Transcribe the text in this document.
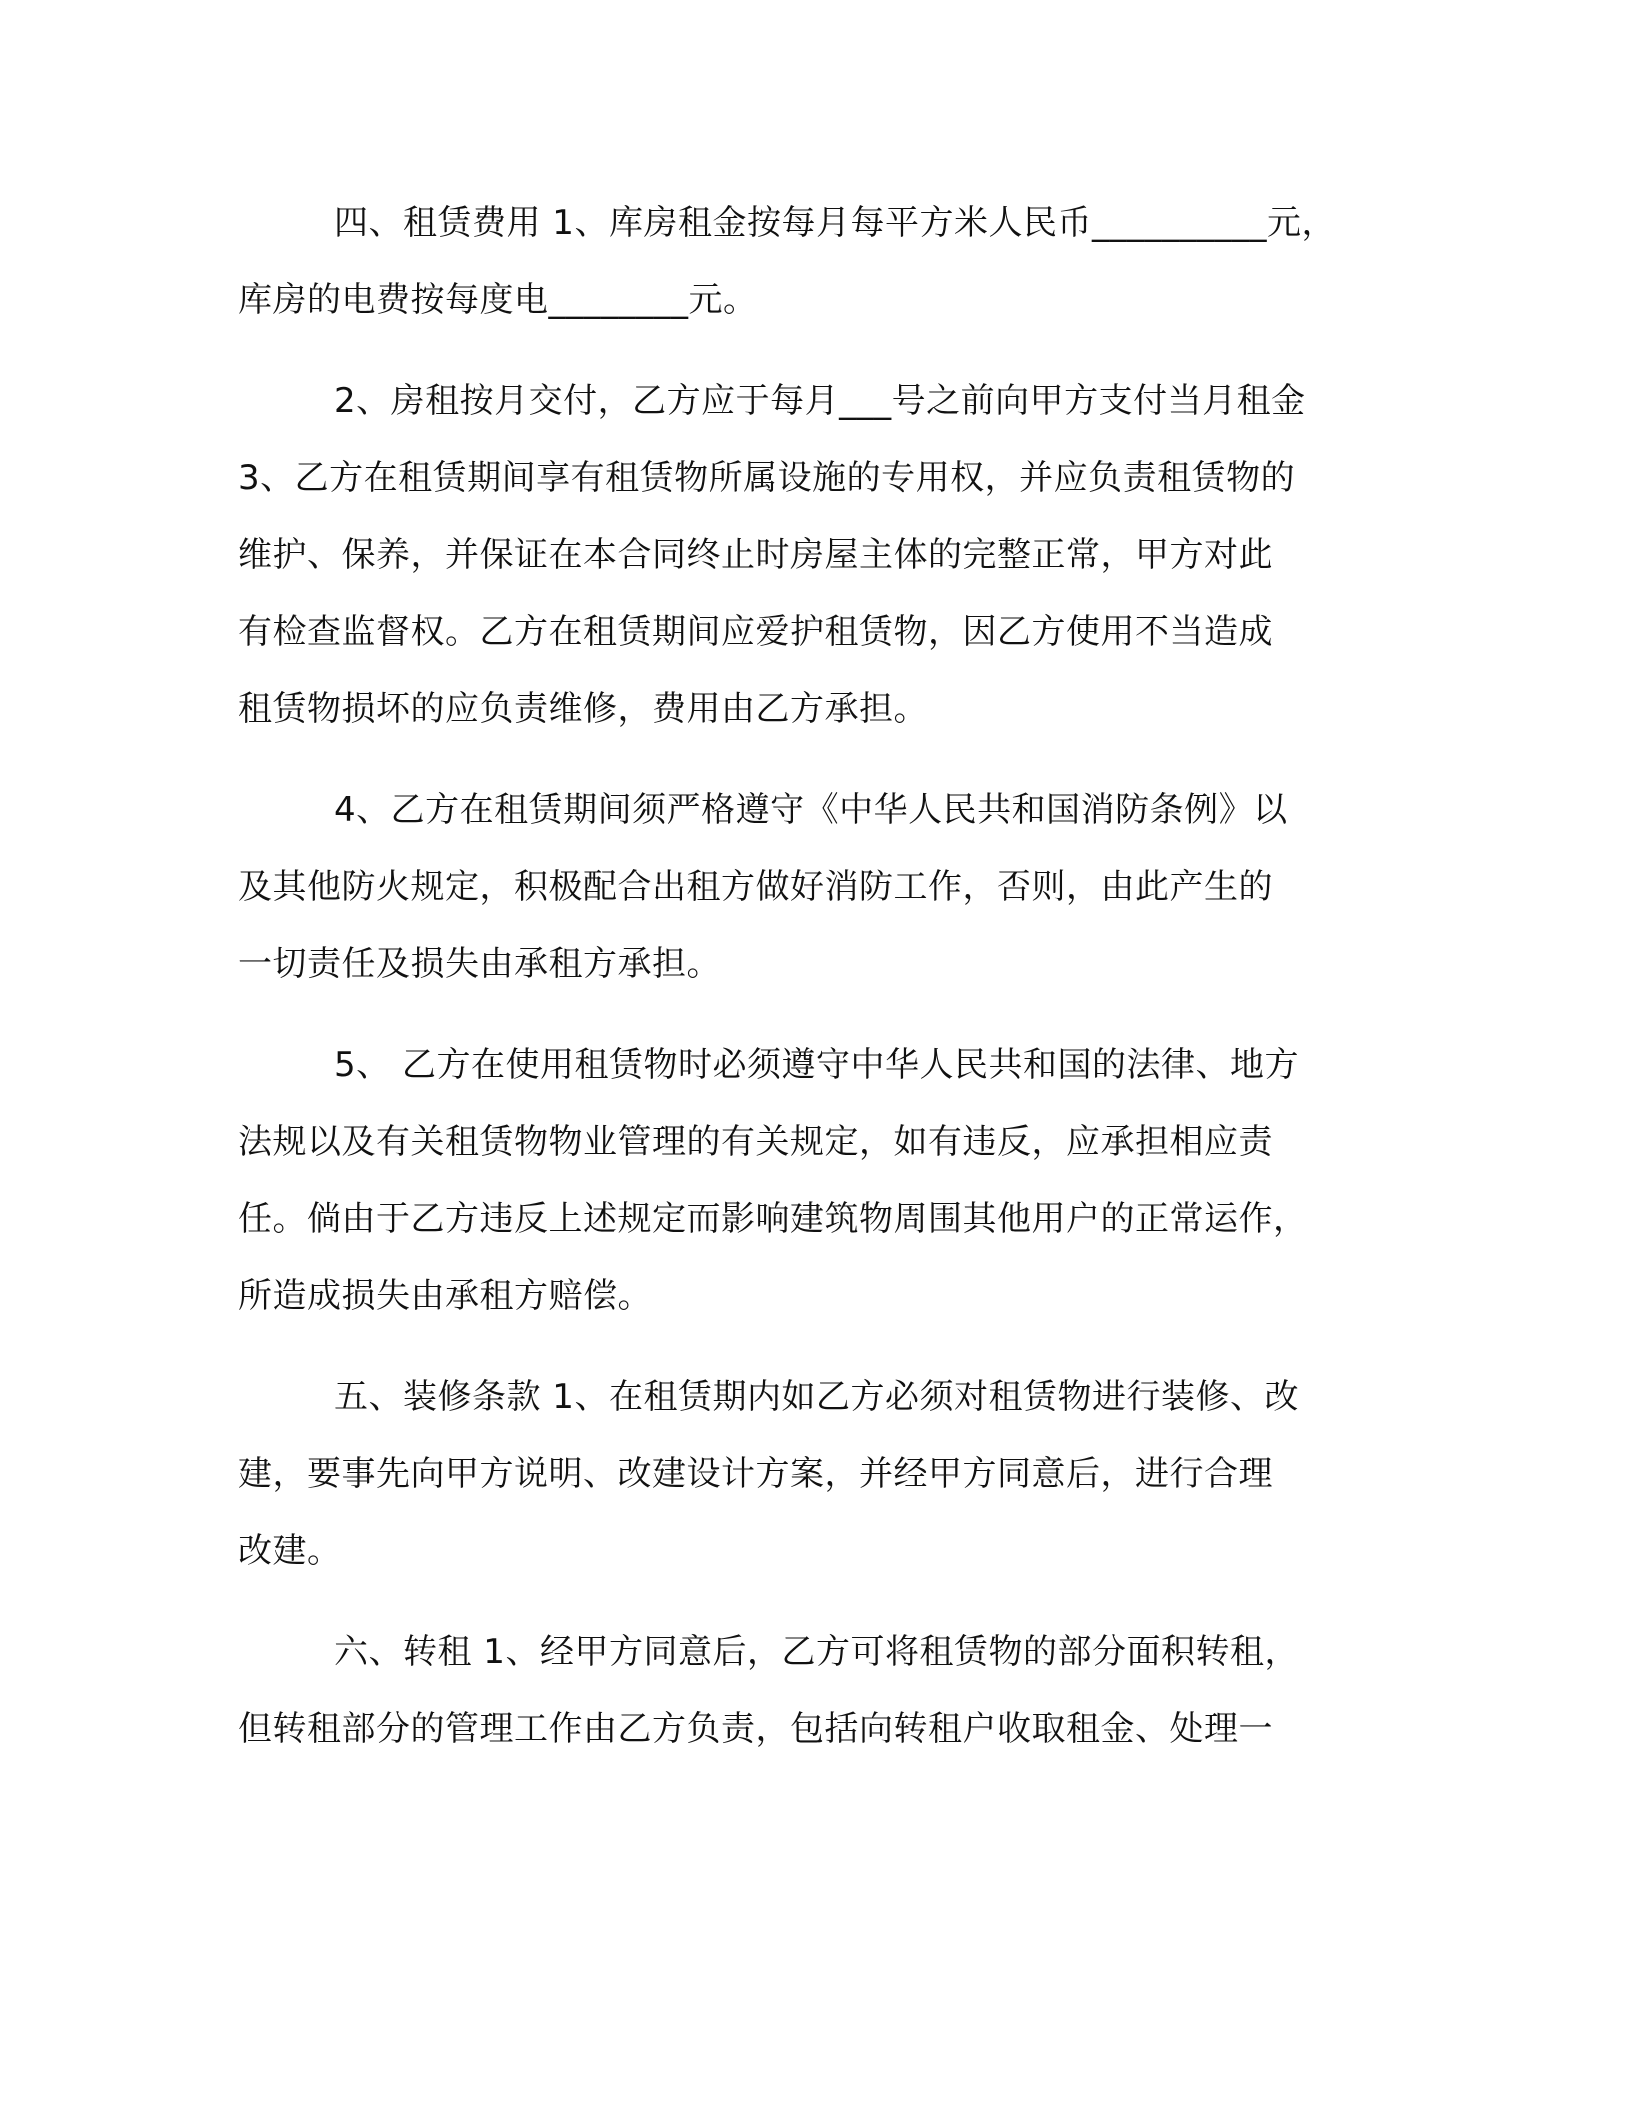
四、租赁费用 1、库房租金按每月每平方米人民币__________元，
库房的电费按每度电________元。
2、房租按月交付，乙方应于每月___号之前向甲方支付当月租金
3、乙方在租赁期间享有租赁物所属设施的专用权，并应负责租赁物的
维护、保养，并保证在本合同终止时房屋主体的完整正常，甲方对此
有检查监督权。乙方在租赁期间应爱护租赁物，因乙方使用不当造成
租赁物损坏的应负责维修，费用由乙方承担。
4、乙方在租赁期间须严格遵守《中华人民共和国消防条例》以
及其他防火规定，积极配合出租方做好消防工作，否则，由此产生的
一切责任及损失由承租方承担。
5、 乙方在使用租赁物时必须遵守中华人民共和国的法律、地方
法规以及有关租赁物物业管理的有关规定，如有违反，应承担相应责
任。倘由于乙方违反上述规定而影响建筑物周围其他用户的正常运作，
所造成损失由承租方赔偿。
五、装修条款 1、在租赁期内如乙方必须对租赁物进行装修、改
建，要事先向甲方说明、改建设计方案，并经甲方同意后，进行合理
改建。
六、转租 1、经甲方同意后，乙方可将租赁物的部分面积转租，
但转租部分的管理工作由乙方负责，包括向转租户收取租金、处理一
